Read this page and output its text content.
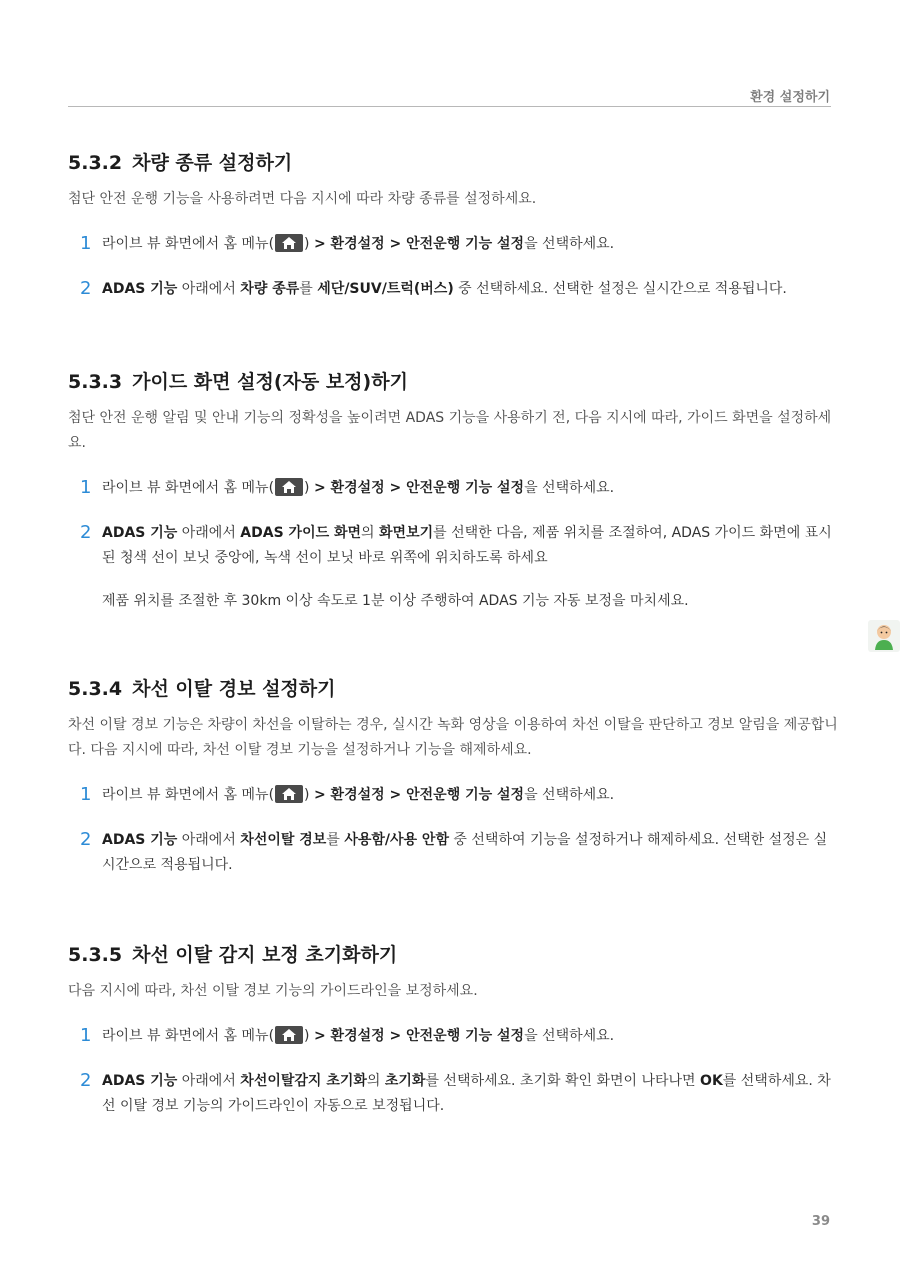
환경 설정하기
5.3.2 차량 종류 설정하기

첨단 안전 운행 기능을 사용하려면 다음 지시에 따라 차량 종류를 설정하세요.

1 라이브 뷰 화면에서 홈 메뉴( ) > 환경설정 > 안전운행 기능 설정을 선택하세요.
2 ADAS 기능 아래에서 차량 종류를 세단/SUV/트럭(버스) 중 선택하세요. 선택한 설정은 실시간으로 적용됩니다.
5.3.3 가이드 화면 설정(자동 보정)하기

첨단 안전 운행 알림 및 안내 기능의 정확성을 높이려면 ADAS 기능을 사용하기 전, 다음 지시에 따라, 가이드 화면을 설정하세요.

1 라이브 뷰 화면에서 홈 메뉴( ) > 환경설정 > 안전운행 기능 설정을 선택하세요.
2 ADAS 기능 아래에서 ADAS 가이드 화면의 화면보기를 선택한 다음, 제품 위치를 조절하여, ADAS 가이드 화면에 표시된 청색 선이 보닛 중앙에, 녹색 선이 보닛 바로 위쪽에 위치하도록 하세요
제품 위치를 조절한 후 30km 이상 속도로 1분 이상 주행하여 ADAS 기능 자동 보정을 마치세요.
5.3.4 차선 이탈 경보 설정하기

차선 이탈 경보 기능은 차량이 차선을 이탈하는 경우, 실시간 녹화 영상을 이용하여 차선 이탈을 판단하고 경보 알림을 제공합니다. 다음 지시에 따라, 차선 이탈 경보 기능을 설정하거나 기능을 해제하세요.

1 라이브 뷰 화면에서 홈 메뉴( ) > 환경설정 > 안전운행 기능 설정을 선택하세요.
2 ADAS 기능 아래에서 차선이탈 경보를 사용함/사용 안함 중 선택하여 기능을 설정하거나 해제하세요. 선택한 설정은 실시간으로 적용됩니다.
5.3.5 차선 이탈 감지 보정 초기화하기

다음 지시에 따라, 차선 이탈 경보 기능의 가이드라인을 보정하세요.

1 라이브 뷰 화면에서 홈 메뉴( ) > 환경설정 > 안전운행 기능 설정을 선택하세요.
2 ADAS 기능 아래에서 차선이탈감지 초기화의 초기화를 선택하세요. 초기화 확인 화면이 나타나면 OK를 선택하세요. 차선 이탈 경보 기능의 가이드라인이 자동으로 보정됩니다.
39
